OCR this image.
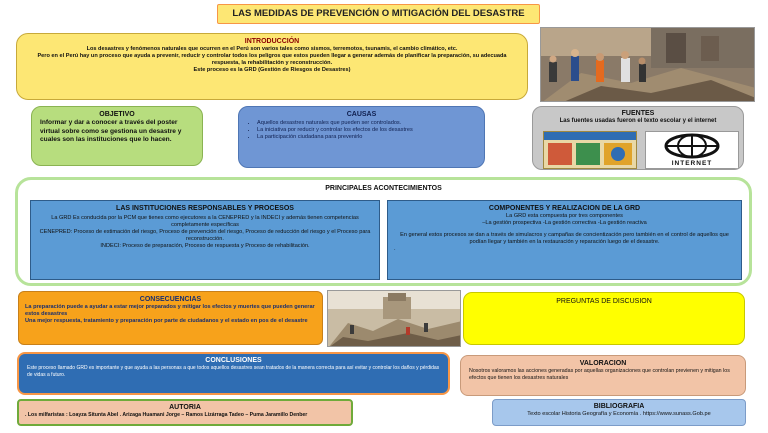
LAS MEDIDAS DE PREVENCIÓN O MITIGACIÓN DEL DESASTRE
INTRODUCCIÓN
Los desastres y fenómenos naturales que ocurren en el Perú son varios tales como sismos, terremotos, tsunamis, el cambio climático, etc.
Pero en el Perú hay un proceso que ayuda a prevenir, reducir y controlar todos los peligros que estos pueden llegar a generar además de planificar la preparación, su adecuada respuesta, la rehabilitación y reconstrucción.
Este proceso es la GRD (Gestión de Riesgos de Desastres)
OBJETIVO
Informar y dar a conocer a través del poster virtual sobre como se gestiona un desastre y cuales son las instituciones que lo hacen.
CAUSAS
• Aquellos desastres naturales que pueden ser controlados.
• La iniciativa por reducir y controlar los efectos de los desastres
• La participación ciudadana para prevenirlo
FUENTES
Las fuentes usadas fueron el texto escolar y el internet
INTERNET
PRINCIPALES ACONTECIMIENTOS
LAS INSTITUCIONES RESPONSABLES Y PROCESOS
La GRD Es conducida por la PCM que tienes como ejecutores a la CENEPRED y la INDECI y además tienen competencias completamente específicas
CENEPRED: Proceso de estimación del riesgo, Proceso de prevención del riesgo, Proceso de reducción del riesgo y el Proceso para reconstrucción.
INDECI: Proceso de preparación, Proceso de respuesta y Proceso de rehabilitación.
COMPONENTES Y REALIZACION DE LA GRD
La GRD esta compuesta por tres componentes
–La gestión prospectiva -La gestión correctiva -La gestión reactiva
En general estos procesos se dan a través de simulacros y campañas de concientización pero también en el control de aquellos que podían llegar y también en la restauración y reparación luego de el desastre.
.
CONSECUENCIAS
La preparación puede a ayudar a estar mejor preparados y mitigar los efectos y muertes que pueden generar estos desastres
Una mejor respuesta, tratamiento y preparación por parte de ciudadanos y el estado en pos de el desastre
PREGUNTAS DE DISCUSION
CONCLUSIONES
Este proceso llamado GRD es importante y que ayuda a las personas a que todos aquellos desastres sean tratados de la manera correcta para así evitar y controlar los daños y pérdidas de vidas a futuro.
VALORACION
Nosotros valoramos las acciones generadas por aquellas organizaciones que controlan previenen y mitigan los efectos que tienen los desastres naturales
AUTORIA
. Los milfaristas : Loayza Situnta Abel . Arizaga Huamani Jorge – Ramos Lizárraga Tadeo – Puma Jaramillo Denber
BIBLIOGRAFIA
Texto escolar Historia Geografía y Economía . https://www.sunass.Gob.pe
